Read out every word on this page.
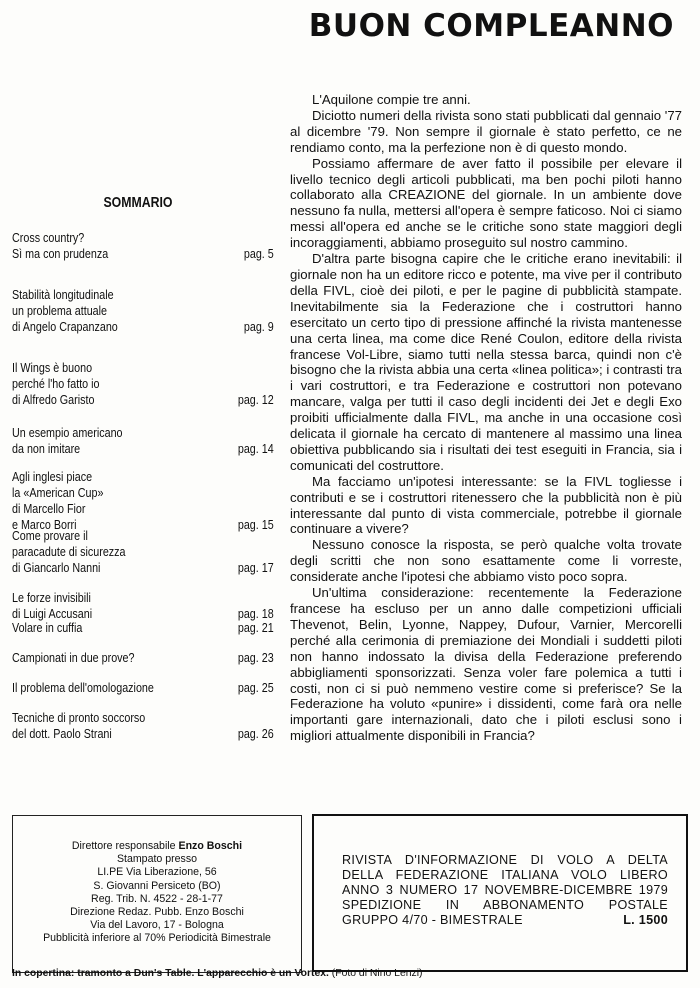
BUON COMPLEANNO
SOMMARIO
Cross country?
Sì ma con prudenza	pag. 5
Stabilità longitudinale
un problema attuale
di Angelo Crapanzano	pag. 9
Il Wings è buono
perché l'ho fatto io
di Alfredo Garisto	pag. 12
Un esempio americano
da non imitare	pag. 14
Agli inglesi piace
la «American Cup»
di Marcello Fior
e Marco Borri	pag. 15
Come provare il
paracadute di sicurezza
di Giancarlo Nanni	pag. 17
Le forze invisibili
di Luigi Accusani	pag. 18
Volare in cuffia	pag. 21
Campionati in due prove?	pag. 23
Il problema dell'omologazione	pag. 25
Tecniche di pronto soccorso
del dott. Paolo Strani	pag. 26

L'Aquilone compie tre anni.

Diciotto numeri della rivista sono stati pubblicati dal gennaio '77 al dicembre '79. Non sempre il giornale è stato perfetto, ce ne rendiamo conto, ma la perfezione non è di questo mondo.

Possiamo affermare de aver fatto il possibile per elevare il livello tecnico degli articoli pubblicati, ma ben pochi piloti hanno collaborato alla CREAZIONE del giornale. In un ambiente dove nessuno fa nulla, mettersi all'opera è sempre faticoso. Noi ci siamo messi all'opera ed anche se le critiche sono state maggiori degli incoraggiamenti, abbiamo proseguito sul nostro cammino.

D'altra parte bisogna capire che le critiche erano inevitabili: il giornale non ha un editore ricco e potente, ma vive per il contributo della FIVL, cioè dei piloti, e per le pagine di pubblicità stampate. Inevitabilmente sia la Federazione che i costruttori hanno esercitato un certo tipo di pressione affinché la rivista mantenesse una certa linea, ma come dice René Coulon, editore della rivista francese Vol-Libre, siamo tutti nella stessa barca, quindi non c'è bisogno che la rivista abbia una certa «linea politica»; i contrasti tra i vari costruttori, e tra Federazione e costruttori non potevano mancare, valga per tutti il caso degli incidenti dei Jet e degli Exo proibiti ufficialmente dalla FIVL, ma anche in una occasione così delicata il giornale ha cercato di mantenere al massimo una linea obiettiva pubblicando sia i risultati dei test eseguiti in Francia, sia i comunicati del costruttore.

Ma facciamo un'ipotesi interessante: se la FIVL togliesse i contributi e se i costruttori ritenessero che la pubblicità non è più interessante dal punto di vista commerciale, potrebbe il giornale continuare a vivere?

Nessuno conosce la risposta, se però qualche volta trovate degli scritti che non sono esattamente come li vorreste, considerate anche l'ipotesi che abbiamo visto poco sopra.

Un'ultima considerazione: recentemente la Federazione francese ha escluso per un anno dalle competizioni ufficiali Thevenot, Belin, Lyonne, Nappey, Dufour, Varnier, Mercorelli perché alla cerimonia di premiazione dei Mondiali i suddetti piloti non hanno indossato la divisa della Federazione preferendo abbigliamenti sponsorizzati. Senza voler fare polemica a tutti i costi, non ci si può nemmeno vestire come si preferisce? Se la Federazione ha voluto «punire» i dissidenti, come farà ora nelle importanti gare internazionali, dato che i piloti esclusi sono i migliori attualmente disponibili in Francia?

Direttore responsabile Enzo Boschi
Stampato presso
LI.PE Via Liberazione, 56
S. Giovanni Persiceto (BO)
Reg. Trib. N. 4522 - 28-1-77
Direzione Redaz. Pubb. Enzo Boschi
Via del Lavoro, 17 - Bologna
Pubblicità inferiore al 70% Periodicità Bimestrale
RIVISTA D'INFORMAZIONE DI VOLO A DELTA
DELLA FEDERAZIONE ITALIANA VOLO LIBERO
ANNO 3 NUMERO 17 NOVEMBRE-DICEMBRE 1979
SPEDIZIONE IN ABBONAMENTO POSTALE
GRUPPO 4/70 - BIMESTRALE	L. 1500
In copertina: tramonto a Dun's Table. L'apparecchio è un Vortex. (Foto di Nino Lenzi)
